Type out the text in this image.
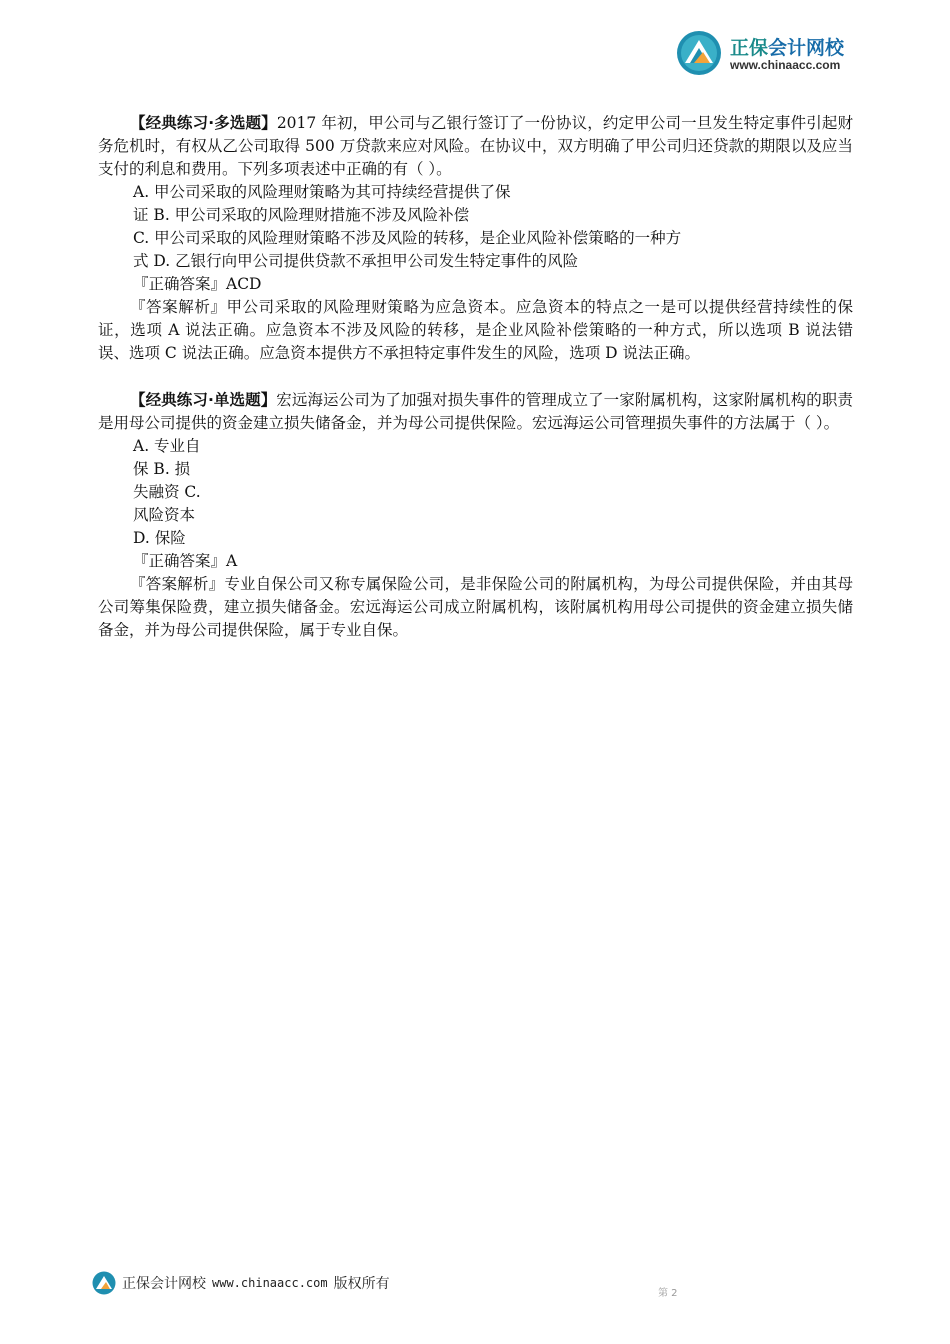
正保会计网校
www.chinaacc.com

【经典练习·多选题】2017 年初，甲公司与乙银行签订了一份协议，约定甲公司一旦发生特定事件引起财务危机时，有权从乙公司取得 500 万贷款来应对风险。在协议中，双方明确了甲公司归还贷款的期限以及应当支付的利息和费用。下列多项表述中正确的有（ ）。

A. 甲公司采取的风险理财策略为其可持续经营提供了保

证 B. 甲公司采取的风险理财措施不涉及风险补偿

C. 甲公司采取的风险理财策略不涉及风险的转移，是企业风险补偿策略的一种方

式 D. 乙银行向甲公司提供贷款不承担甲公司发生特定事件的风险

『正确答案』ACD

『答案解析』甲公司采取的风险理财策略为应急资本。应急资本的特点之一是可以提供经营持续性的保证，选项 A 说法正确。应急资本不涉及风险的转移，是企业风险补偿策略的一种方式，所以选项 B 说法错误、选项 C 说法正确。应急资本提供方不承担特定事件发生的风险，选项 D 说法正确。

【经典练习·单选题】宏远海运公司为了加强对损失事件的管理成立了一家附属机构，这家附属机构的职责是用母公司提供的资金建立损失储备金，并为母公司提供保险。宏远海运公司管理损失事件的方法属于（ ）。

A. 专业自

保 B. 损

失融资 C.

风险资本

D. 保险

『正确答案』A

『答案解析』专业自保公司又称专属保险公司，是非保险公司的附属机构，为母公司提供保险，并由其母公司筹集保险费，建立损失储备金。宏远海运公司成立附属机构，该附属机构用母公司提供的资金建立损失储备金，并为母公司提供保险，属于专业自保。

正保会计网校 www.chinaacc.com 版权所有
第 2
